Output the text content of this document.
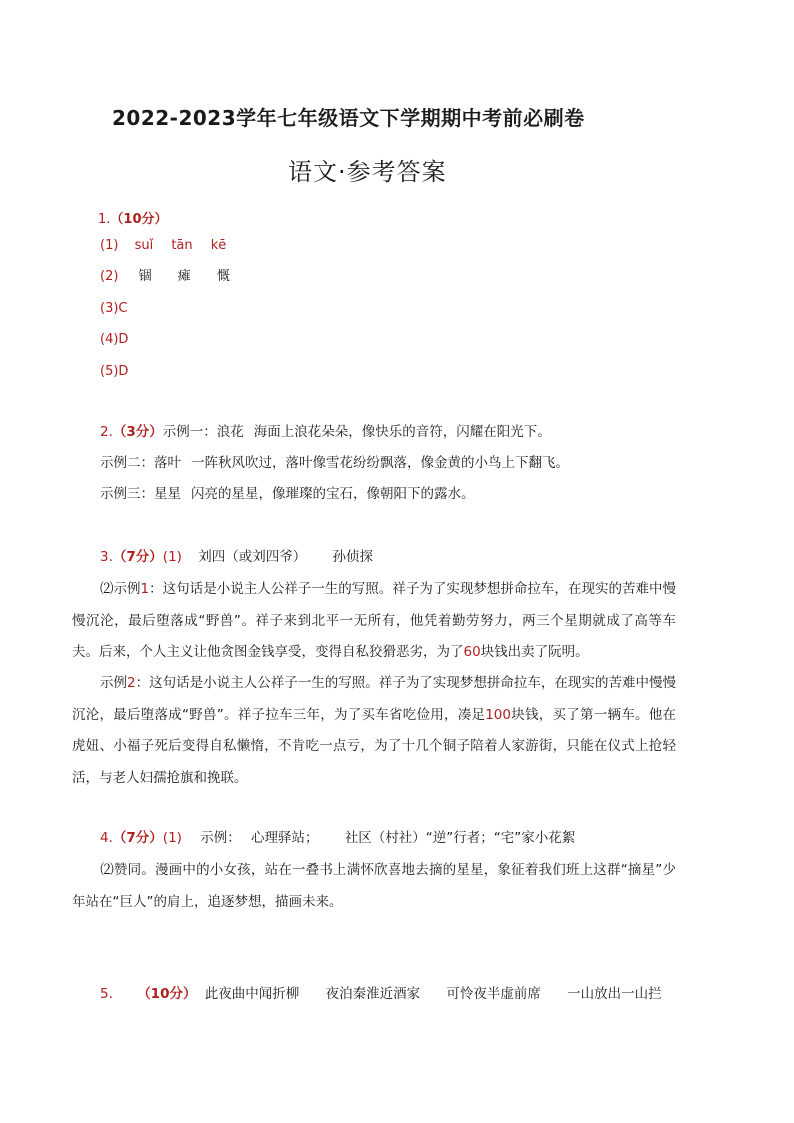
2022-2023学年七年级语文下学期期中考前必刷卷
语文·参考答案
1.（10分）
(1) suǐ tān kē
(2) 锢 瘫 慨
(3)C
(4)D
(5)D
2.（3分）示例一：浪花 海面上浪花朵朵，像快乐的音符，闪耀在阳光下。
示例二：落叶 一阵秋风吹过，落叶像雪花纷纷飘落，像金黄的小鸟上下翻飞。
示例三：星星 闪亮的星星，像璀璨的宝石，像朝阳下的露水。
3.（7分）(1) 刘四（或刘四爷） 孙侦探
⑵示例1：这句话是小说主人公祥子一生的写照。祥子为了实现梦想拼命拉车，在现实的苦难中慢慢沉沦，最后堕落成“野兽”。祥子来到北平一无所有，他凭着勤劳努力，两三个星期就成了高等车夫。后来，个人主义让他贪图金钱享受，变得自私狡猾恶劣，为了60块钱出卖了阮明。
示例2：这句话是小说主人公祥子一生的写照。祥子为了实现梦想拼命拉车，在现实的苦难中慢慢沉沦，最后堕落成“野兽”。祥子拉车三年，为了买车省吃俭用，凑足100块钱，买了第一辆车。他在虎妞、小福子死后变得自私懒惰，不肯吃一点亏，为了十几个铜子陪着人家游街，只能在仪式上抢轻活，与老人妇孺抢旗和挽联。
4.（7分）(1) 示例： 心理驿站； 社区（村社）“逆”行者；“宅”家小花絮
⑵赞同。漫画中的小女孩，站在一叠书上满怀欣喜地去摘的星星，象征着我们班上这群“摘星”少年站在“巨人”的肩上，追逐梦想，描画未来。
5. （10分） 此夜曲中闻折柳 夜泊秦淮近酒家 可怜夜半虚前席 一山放出一山拦
